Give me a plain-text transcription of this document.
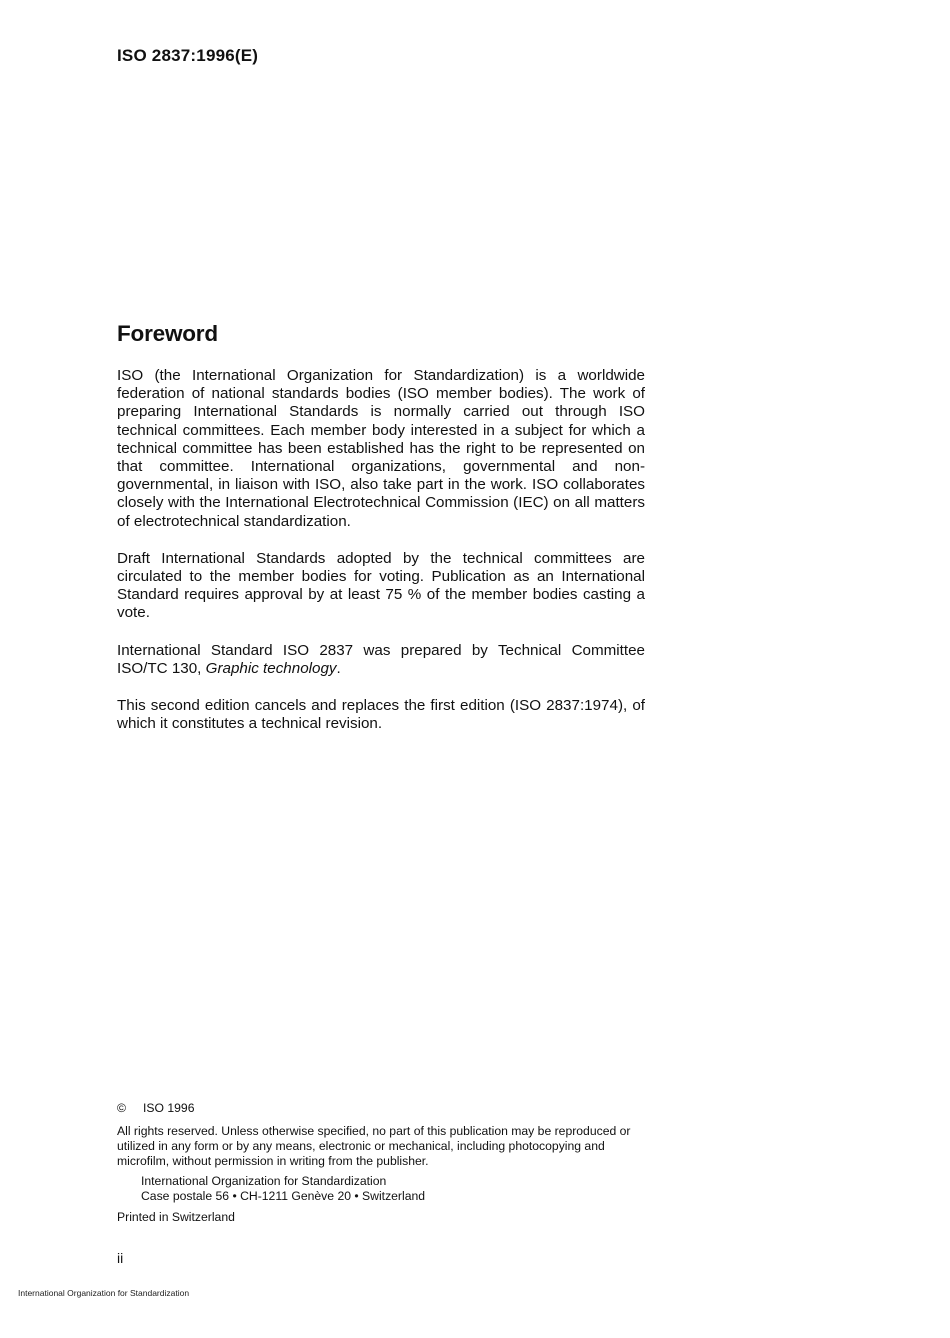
ISO 2837:1996(E)
Foreword

ISO (the International Organization for Standardization) is a worldwide federation of national standards bodies (ISO member bodies). The work of preparing International Standards is normally carried out through ISO technical committees. Each member body interested in a subject for which a technical committee has been established has the right to be represented on that committee. International organizations, governmental and non-governmental, in liaison with ISO, also take part in the work. ISO collaborates closely with the International Electrotechnical Commission (IEC) on all matters of electrotechnical standardization.

Draft International Standards adopted by the technical committees are circulated to the member bodies for voting. Publication as an International Standard requires approval by at least 75 % of the member bodies casting a vote.

International Standard ISO 2837 was prepared by Technical Committee ISO/TC 130, Graphic technology.

This second edition cancels and replaces the first edition (ISO 2837:1974), of which it constitutes a technical revision.

© ISO 1996
All rights reserved. Unless otherwise specified, no part of this publication may be reproduced or utilized in any form or by any means, electronic or mechanical, including photocopying and microfilm, without permission in writing from the publisher.
International Organization for Standardization
Case postale 56 • CH-1211 Genève 20 • Switzerland
Printed in Switzerland
ii
International Organization for Standardization
